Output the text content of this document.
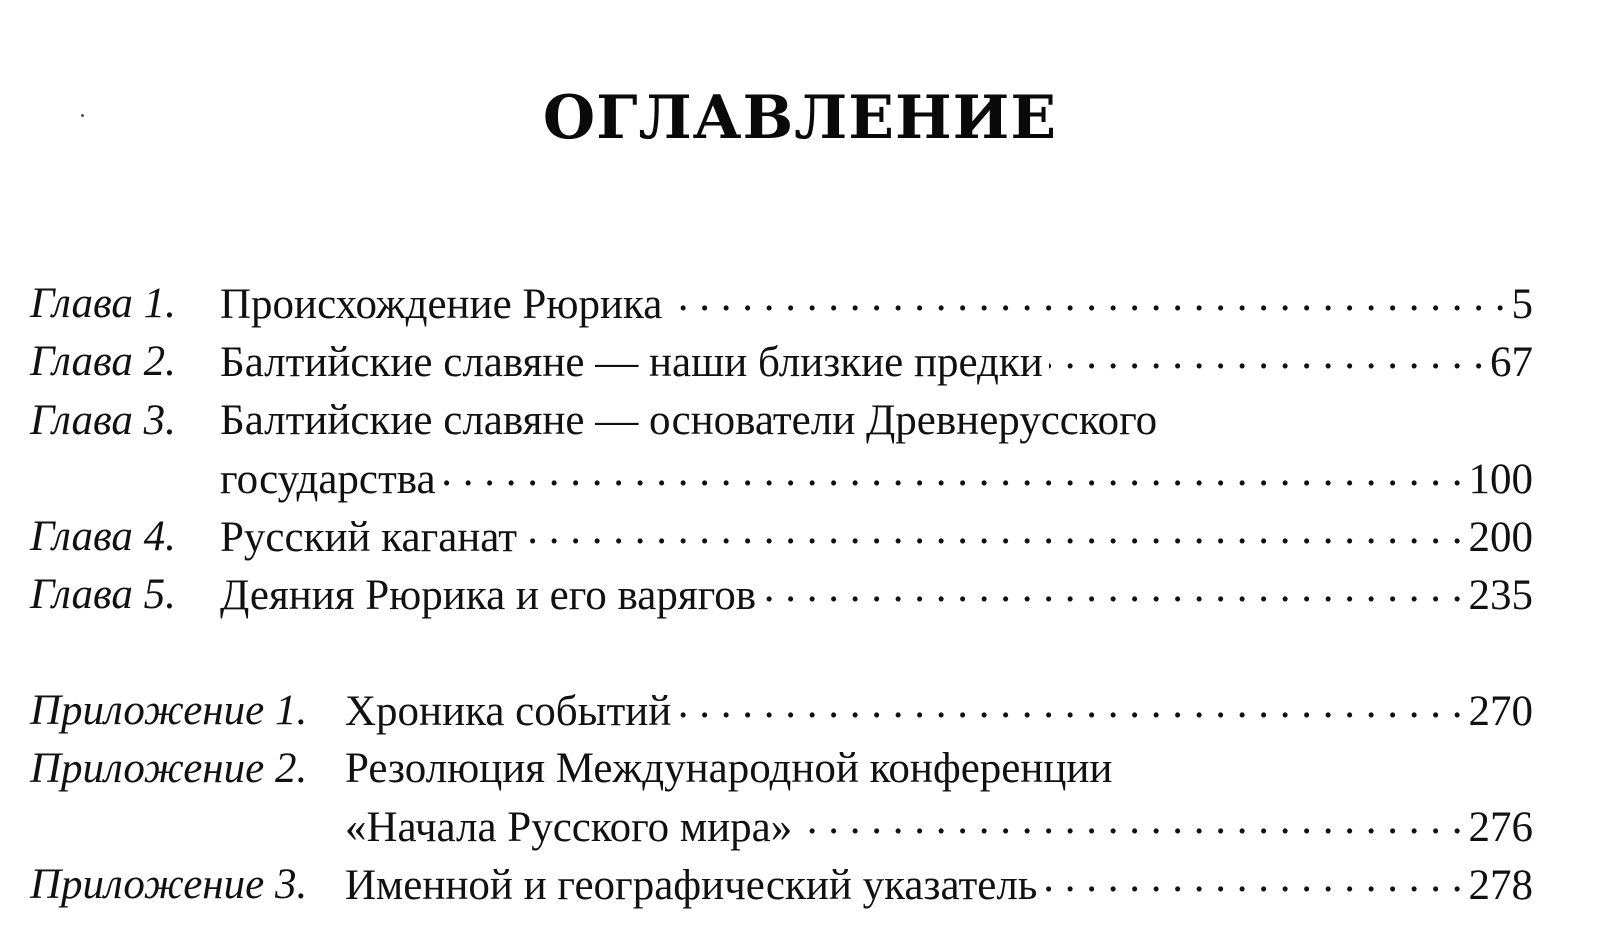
ОГЛАВЛЕНИЕ
Глава 1. Происхождение Рюрика . . .	5
Глава 2. Балтийские славяне — наши близкие предки . . .	67
Глава 3. Балтийские славяне — основатели Древнерусского
государства . . .	100
Глава 4. Русский каганат . . .	200
Глава 5. Деяния Рюрика и его варягов . . .	235
Приложение 1. Хроника событий . . .	270
Приложение 2. Резолюция Международной конференции
«Начала Русского мира» . . .	276
Приложение 3. Именной и географический указатель . . .	278
